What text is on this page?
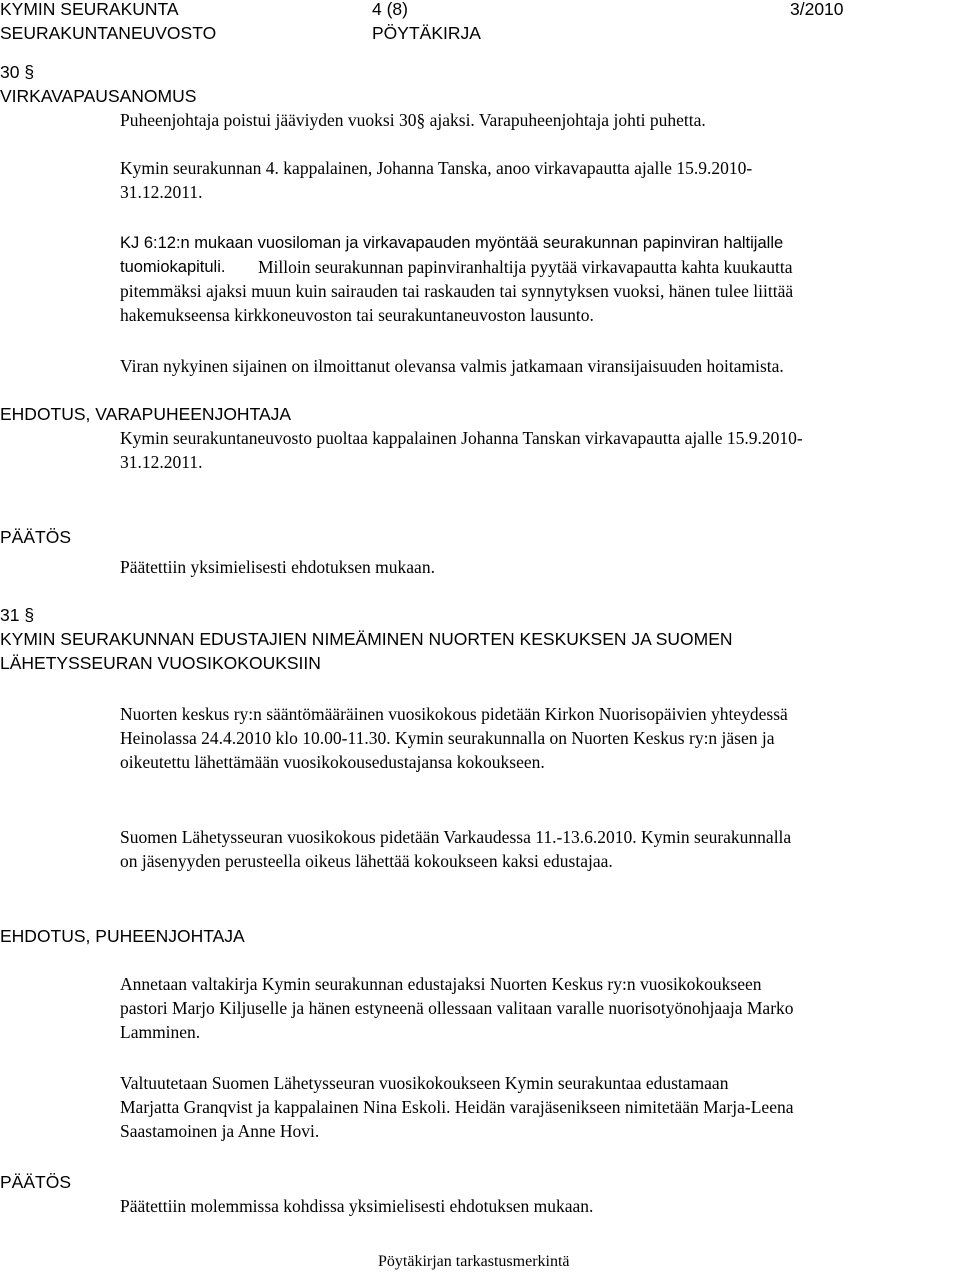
KYMIN SEURAKUNTA	4 (8)	3/2010
SEURAKUNTANEUVOSTO	PÖYTÄKIRJA
30 §
VIRKAVAPAUSANOMUS
Puheenjohtaja poistui jääviyden vuoksi 30§ ajaksi. Varapuheenjohtaja johti puhetta.
Kymin seurakunnan 4. kappalainen, Johanna Tanska, anoo virkavapautta ajalle 15.9.2010-
31.12.2011.
KJ 6:12:n mukaan vuosiloman ja virkavapauden myöntää seurakunnan papinviran haltijalle
tuomiokapituli. Milloin seurakunnan papinviranhaltija pyytää virkavapautta kahta kuukautta
pitemmäksi ajaksi muun kuin sairauden tai raskauden tai synnytyksen vuoksi, hänen tulee liittää
hakemukseensa kirkkoneuvoston tai seurakuntaneuvoston lausunto.
Viran nykyinen sijainen on ilmoittanut olevansa valmis jatkamaan viransijaisuuden hoitamista.
EHDOTUS, VARAPUHEENJOHTAJA
Kymin seurakuntaneuvosto puoltaa kappalainen Johanna Tanskan virkavapautta ajalle 15.9.2010-
31.12.2011.
PÄÄTÖS
Päätettiin yksimielisesti ehdotuksen mukaan.
31 §
KYMIN SEURAKUNNAN EDUSTAJIEN NIMEÄMINEN NUORTEN KESKUKSEN JA SUOMEN
LÄHETYSSEURAN VUOSIKOKOUKSIIN
Nuorten keskus ry:n sääntömääräinen vuosikokous pidetään Kirkon Nuorisopäivien yhteydessä
Heinolassa 24.4.2010 klo 10.00-11.30. Kymin seurakunnalla on Nuorten Keskus ry:n jäsen ja
oikeutettu lähettämään vuosikokousedustajansa kokoukseen.
Suomen Lähetysseuran vuosikokous pidetään Varkaudessa 11.-13.6.2010. Kymin seurakunnalla
on jäsenyyden perusteella oikeus lähettää kokoukseen kaksi edustajaa.
EHDOTUS, PUHEENJOHTAJA
Annetaan valtakirja Kymin seurakunnan edustajaksi Nuorten Keskus ry:n vuosikokoukseen
pastori Marjo Kiljuselle ja hänen estyneenä ollessaan valitaan varalle nuorisotyönohjaaja Marko
Lamminen.
Valtuutetaan Suomen Lähetysseuran vuosikokoukseen Kymin seurakuntaa edustamaan
Marjatta Granqvist ja kappalainen Nina Eskoli. Heidän varajäsenikseen nimitetään Marja-Leena
Saastamoinen ja Anne Hovi.
PÄÄTÖS
Päätettiin molemmissa kohdissa yksimielisesti ehdotuksen mukaan.
Pöytäkirjan tarkastusmerkintä
